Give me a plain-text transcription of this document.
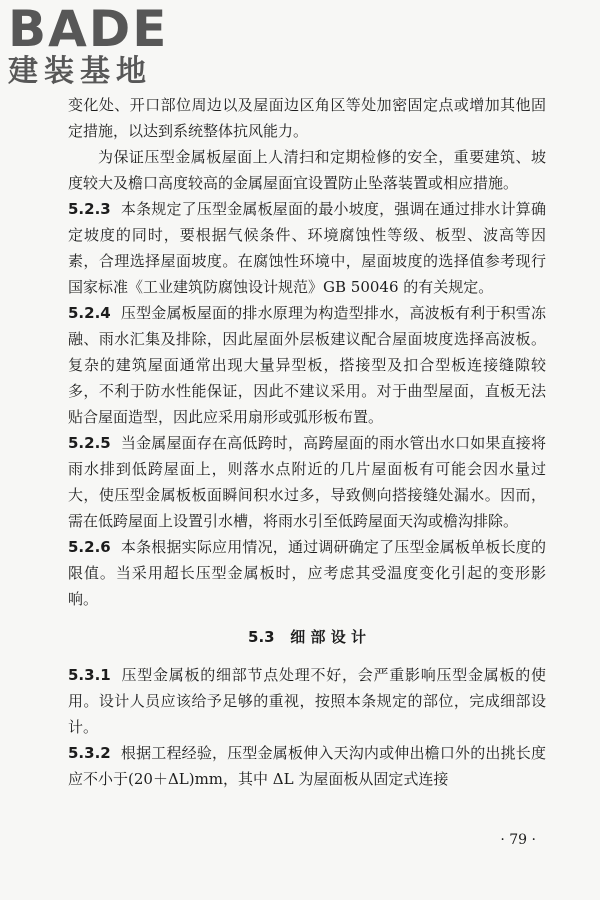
BADE
建装基地

变化处、开口部位周边以及屋面边区角区等处加密固定点或增加其他固定措施，以达到系统整体抗风能力。

为保证压型金属板屋面上人清扫和定期检修的安全，重要建筑、坡度较大及檐口高度较高的金属屋面宜设置防止坠落装置或相应措施。

5.2.3 本条规定了压型金属板屋面的最小坡度，强调在通过排水计算确定坡度的同时，要根据气候条件、环境腐蚀性等级、板型、波高等因素，合理选择屋面坡度。在腐蚀性环境中，屋面坡度的选择值参考现行国家标准《工业建筑防腐蚀设计规范》GB 50046 的有关规定。

5.2.4 压型金属板屋面的排水原理为构造型排水，高波板有利于积雪冻融、雨水汇集及排除，因此屋面外层板建议配合屋面坡度选择高波板。复杂的建筑屋面通常出现大量异型板，搭接型及扣合型板连接缝隙较多，不利于防水性能保证，因此不建议采用。对于曲型屋面，直板无法贴合屋面造型，因此应采用扇形或弧形板布置。

5.2.5 当金属屋面存在高低跨时，高跨屋面的雨水管出水口如果直接将雨水排到低跨屋面上，则落水点附近的几片屋面板有可能会因水量过大，使压型金属板板面瞬间积水过多，导致侧向搭接缝处漏水。因而，需在低跨屋面上设置引水槽，将雨水引至低跨屋面天沟或檐沟排除。

5.2.6 本条根据实际应用情况，通过调研确定了压型金属板单板长度的限值。当采用超长压型金属板时，应考虑其受温度变化引起的变形影响。

5.3 细 部 设 计

5.3.1 压型金属板的细部节点处理不好，会严重影响压型金属板的使用。设计人员应该给予足够的重视，按照本条规定的部位，完成细部设计。

5.3.2 根据工程经验，压型金属板伸入天沟内或伸出檐口外的出挑长度应不小于(20＋ΔL)mm，其中 ΔL 为屋面板从固定式连接

· 79 ·
